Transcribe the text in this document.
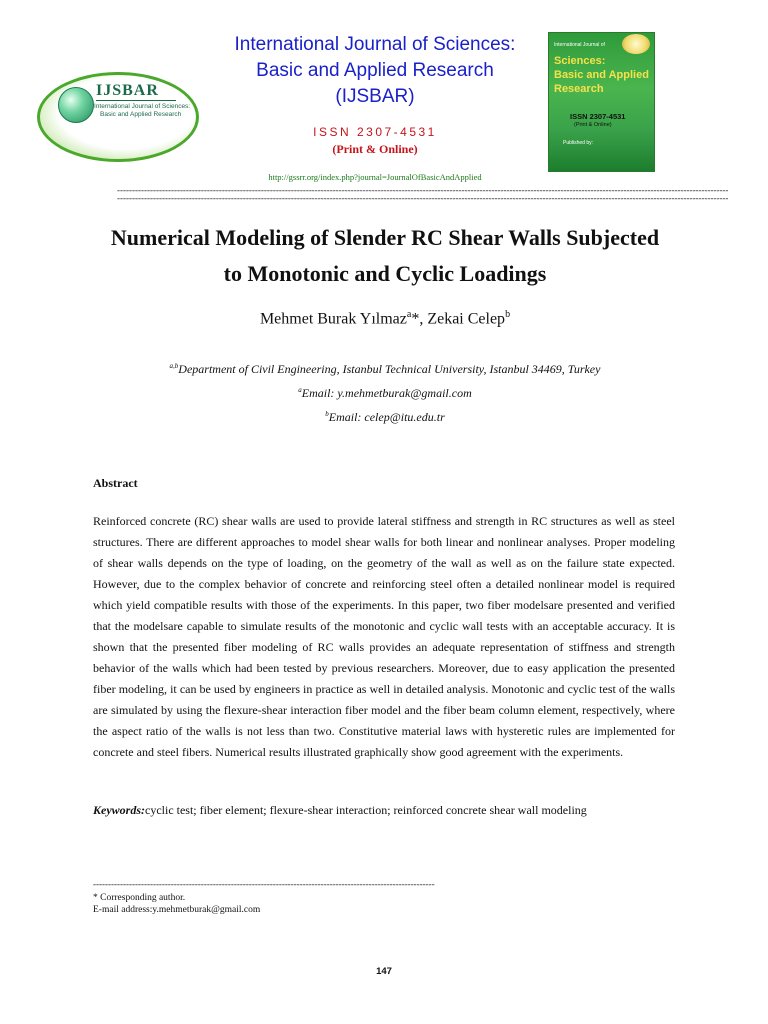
IJSBAR
International Journal of Sciences:
Basic and Applied Research
International Journal of Sciences:
Basic and Applied Research
(IJSBAR)
ISSN 2307-4531
(Print & Online)
http://gssrr.org/index.php?journal=JournalOfBasicAndApplied
------------------------------------------------------------------------------------------------------------------------------------------------------------------------------------------------------------
------------------------------------------------------------------------------------------------------------------------------------------------------------------------------------------------------------
International Journal of
Sciences:
Basic and Applied
Research
ISSN 2307-4531
(Print & Online)
Published by:
Numerical Modeling of Slender RC Shear Walls Subjected
to Monotonic and Cyclic Loadings
Mehmet Burak Yılmaz$^a$*, Zekai Celep$^b$
$^{a,b}$Department of Civil Engineering, Istanbul Technical University, Istanbul 34469, Turkey
$^a$Email: y.mehmetburak@gmail.com
$^b$Email: celep@itu.edu.tr
Abstract
Reinforced concrete (RC) shear walls are used to provide lateral stiffness and strength in RC structures as well as steel structures. There are different approaches to model shear walls for both linear and nonlinear analyses. Proper modeling of shear walls depends on the type of loading, on the geometry of the wall as well as on the failure state expected. However, due to the complex behavior of concrete and reinforcing steel often a detailed nonlinear model is required which yield compatible results with those of the experiments. In this paper, two fiber modelsare presented and verified that the modelsare capable to simulate results of the monotonic and cyclic wall tests with an acceptable accuracy. It is shown that the presented fiber modeling of RC walls provides an adequate representation of stiffness and strength behavior of the walls which had been tested by previous researchers. Moreover, due to easy application the presented fiber modeling, it can be used by engineers in practice as well in detailed analysis. Monotonic and cyclic test of the walls are simulated by using the flexure-shear interaction fiber model and the fiber beam column element, respectively, where the aspect ratio of the walls is not less than two. Constitutive material laws with hysteretic rules are implemented for concrete and steel fibers. Numerical results illustrated graphically show good agreement with the experiments.
Keywords:cyclic test; fiber element; flexure-shear interaction; reinforced concrete shear wall modeling
------------------------------------------------------------------------------------------------------------------
* Corresponding author.
E-mail address:y.mehmetburak@gmail.com
147
